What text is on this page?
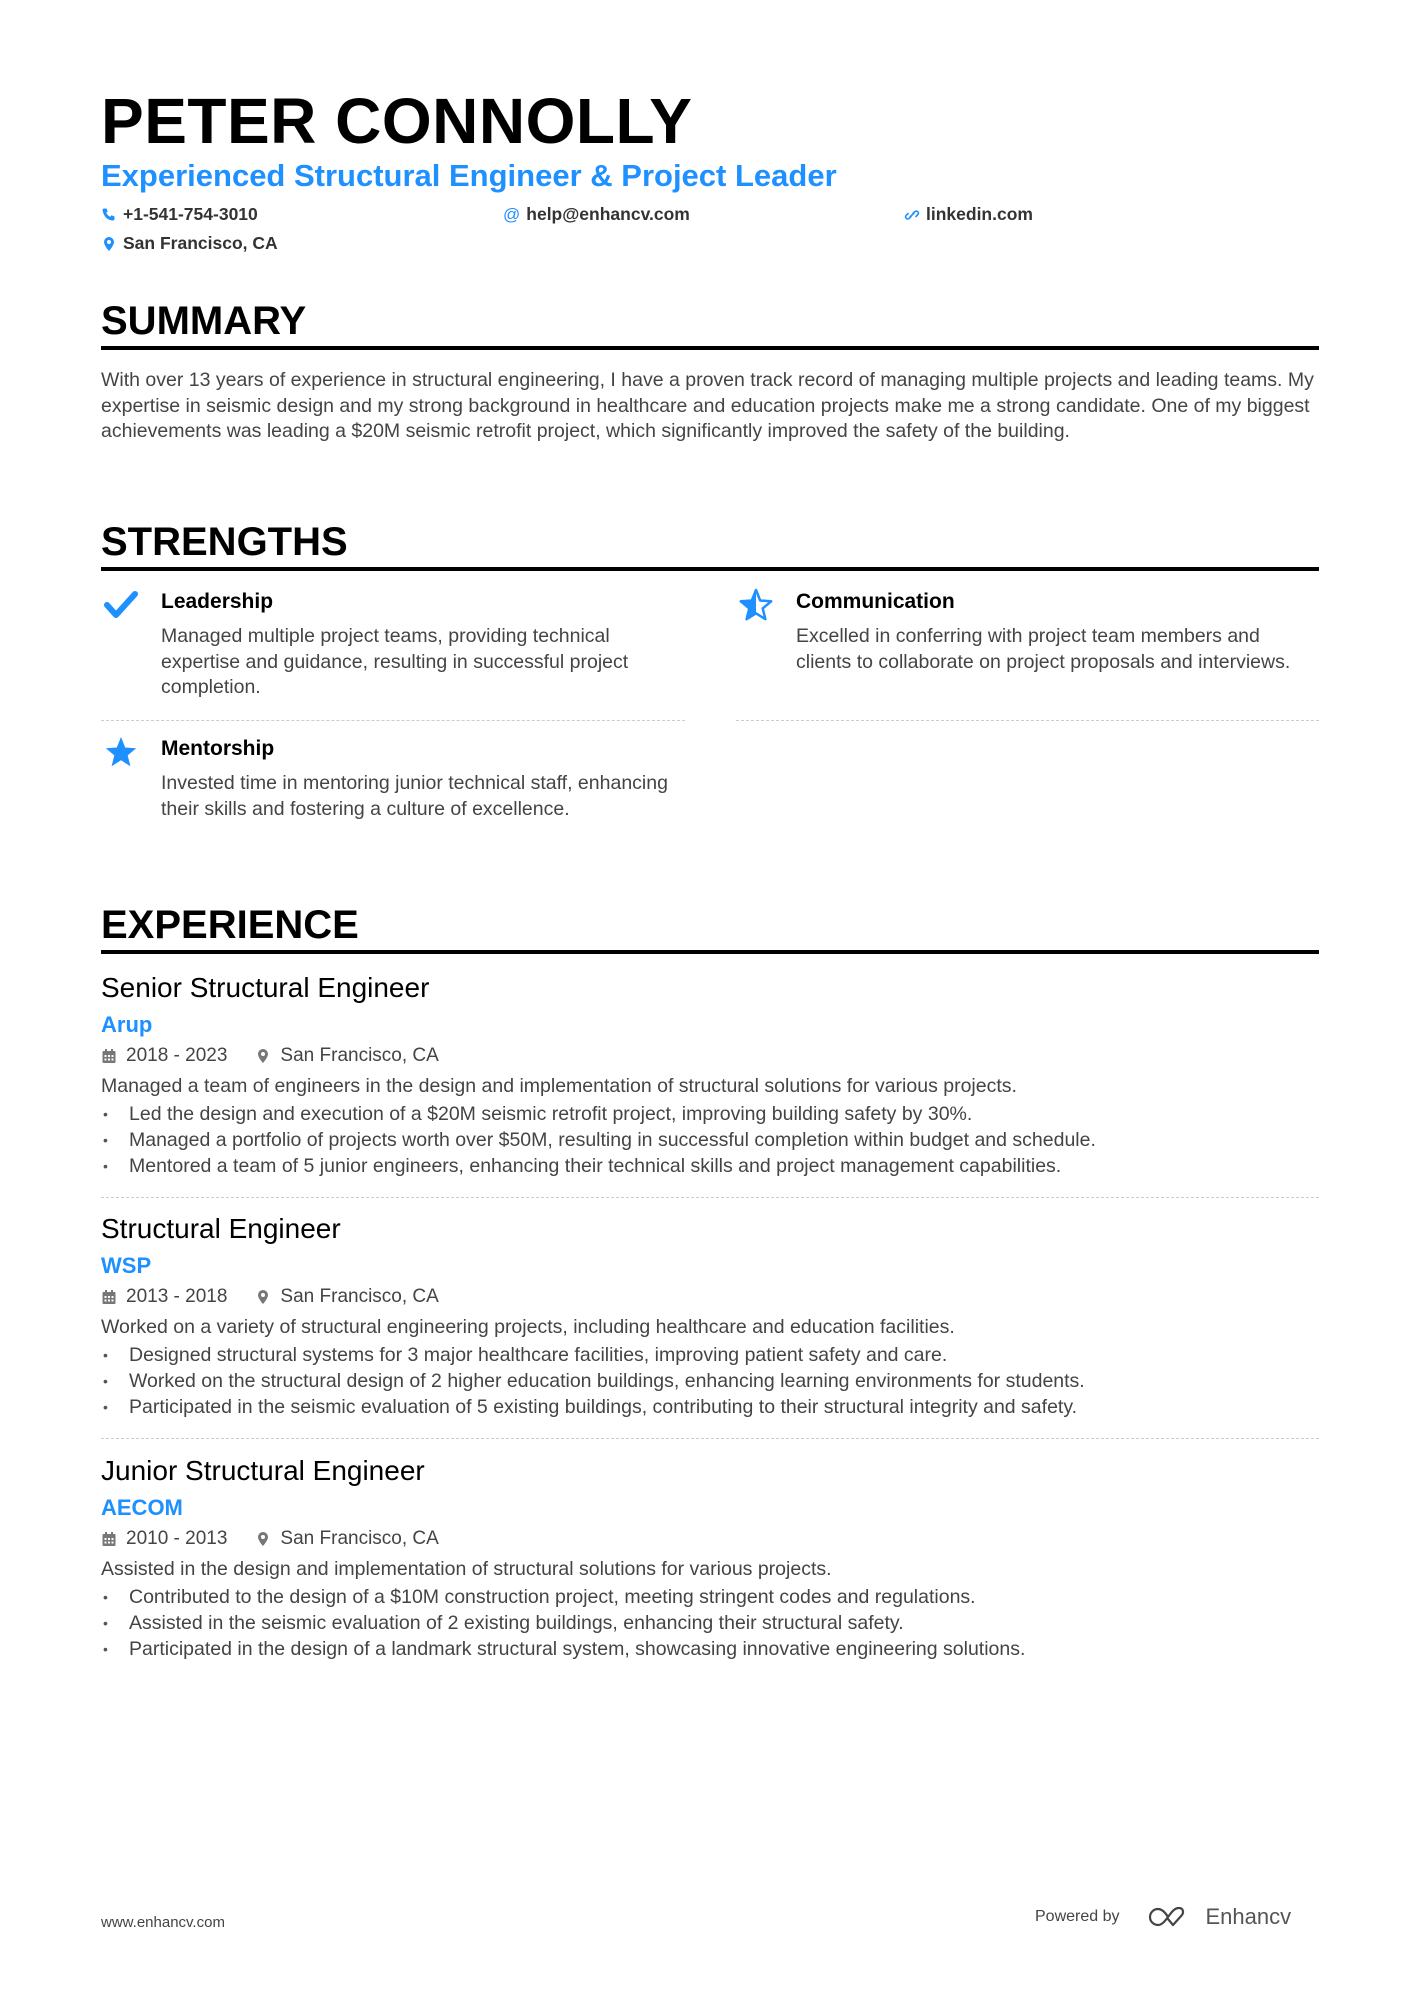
PETER CONNOLLY
Experienced Structural Engineer & Project Leader
+1-541-754-3010	@ help@enhancv.com	linkedin.com
San Francisco, CA
SUMMARY
With over 13 years of experience in structural engineering, I have a proven track record of managing multiple projects and leading teams. My expertise in seismic design and my strong background in healthcare and education projects make me a strong candidate. One of my biggest achievements was leading a $20M seismic retrofit project, which significantly improved the safety of the building.
STRENGTHS
Leadership
Managed multiple project teams, providing technical expertise and guidance, resulting in successful project completion.
Communication
Excelled in conferring with project team members and clients to collaborate on project proposals and interviews.
Mentorship
Invested time in mentoring junior technical staff, enhancing their skills and fostering a culture of excellence.
EXPERIENCE
Senior Structural Engineer
Arup
2018 - 2023	San Francisco, CA
Managed a team of engineers in the design and implementation of structural solutions for various projects.
• Led the design and execution of a $20M seismic retrofit project, improving building safety by 30%.
• Managed a portfolio of projects worth over $50M, resulting in successful completion within budget and schedule.
• Mentored a team of 5 junior engineers, enhancing their technical skills and project management capabilities.
Structural Engineer
WSP
2013 - 2018	San Francisco, CA
Worked on a variety of structural engineering projects, including healthcare and education facilities.
• Designed structural systems for 3 major healthcare facilities, improving patient safety and care.
• Worked on the structural design of 2 higher education buildings, enhancing learning environments for students.
• Participated in the seismic evaluation of 5 existing buildings, contributing to their structural integrity and safety.
Junior Structural Engineer
AECOM
2010 - 2013	San Francisco, CA
Assisted in the design and implementation of structural solutions for various projects.
• Contributed to the design of a $10M construction project, meeting stringent codes and regulations.
• Assisted in the seismic evaluation of 2 existing buildings, enhancing their structural safety.
• Participated in the design of a landmark structural system, showcasing innovative engineering solutions.
www.enhancv.com	Powered by	Enhancv
